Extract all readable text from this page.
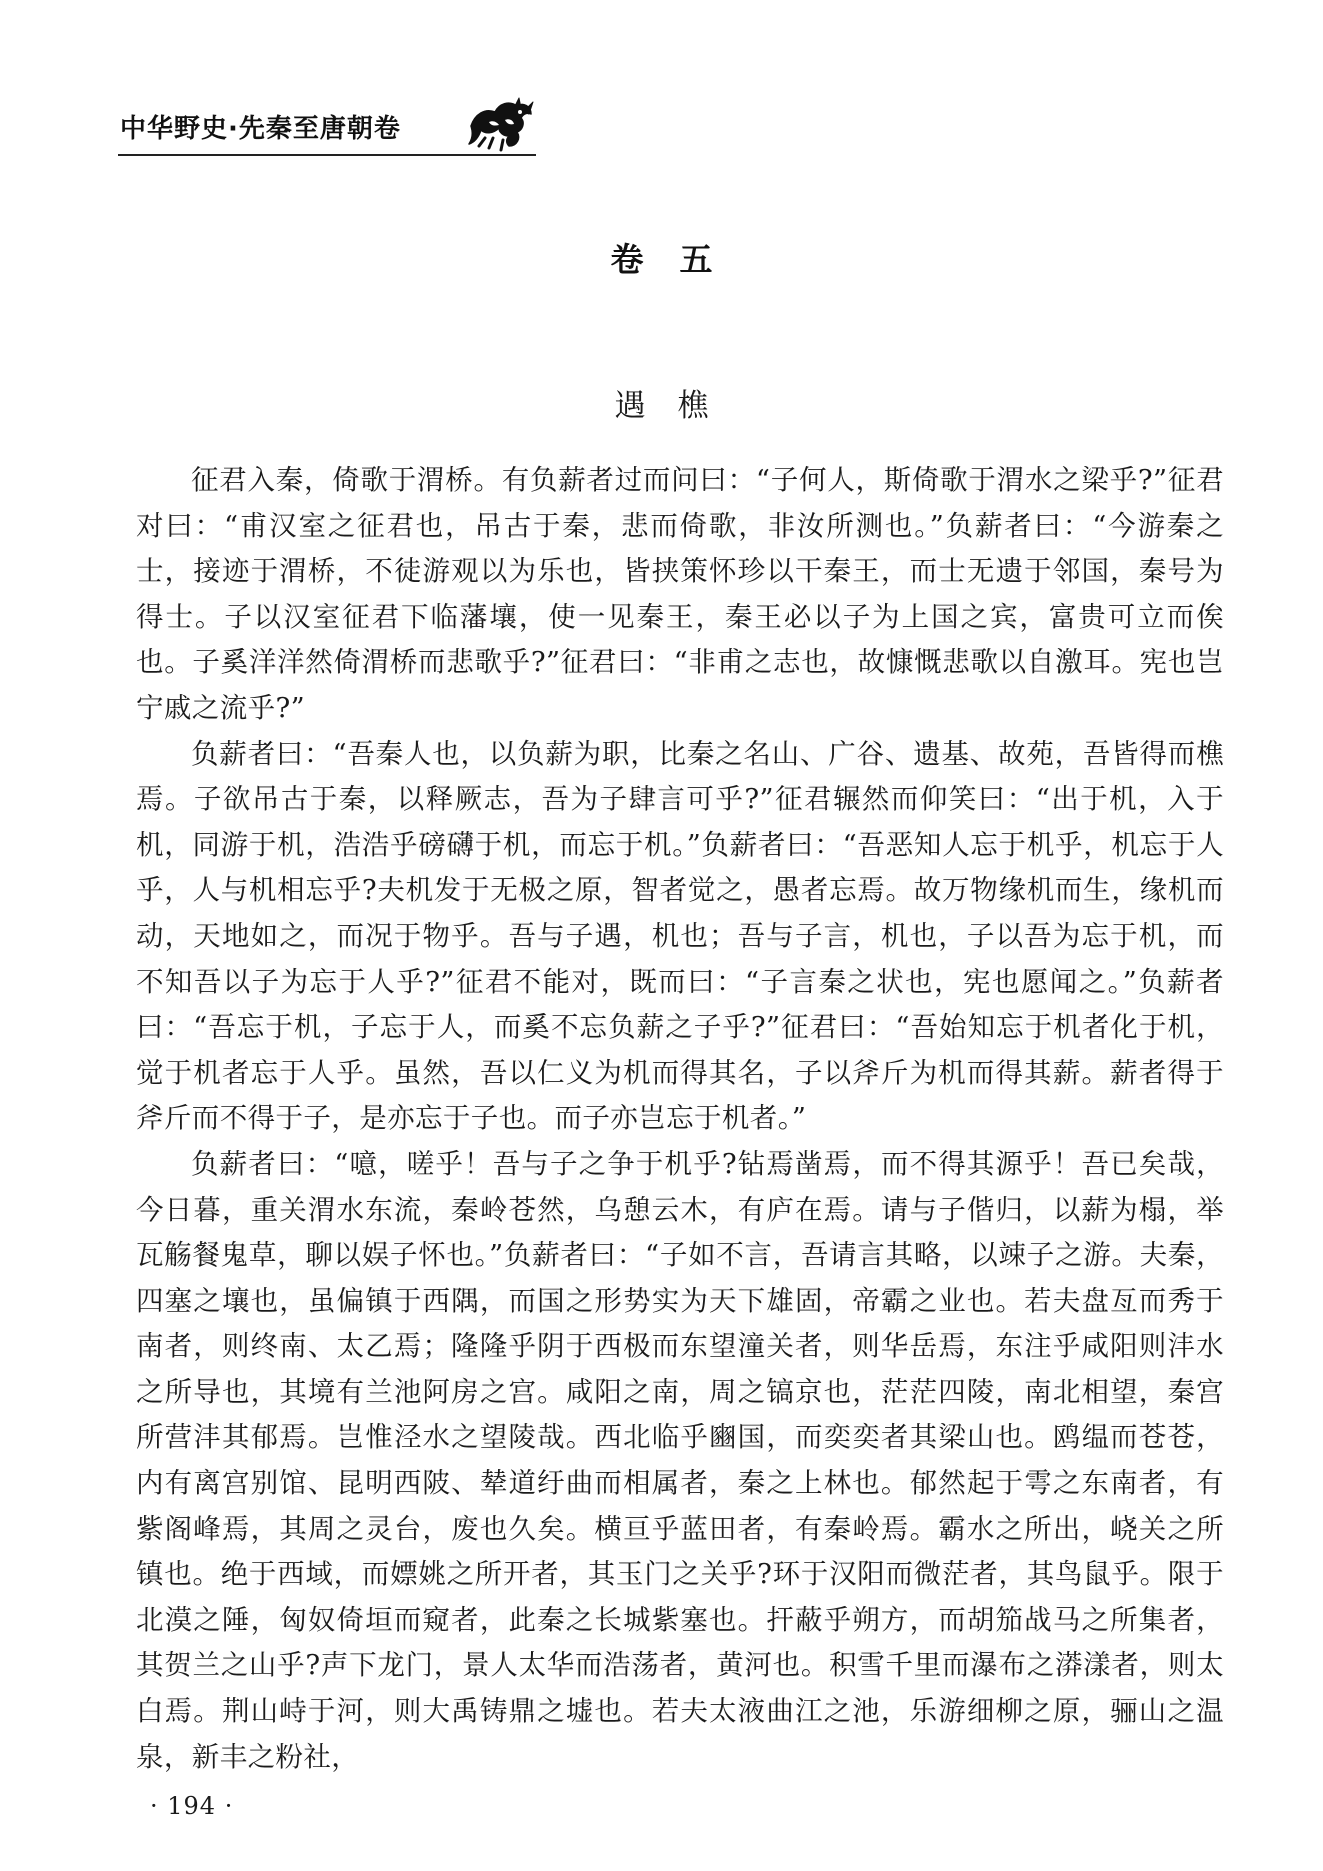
中华野史·先秦至唐朝卷
卷五
遇樵

征君入秦，倚歌于渭桥。有负薪者过而问曰：“子何人，斯倚歌于渭水之梁乎?”征君对曰：“甫汉室之征君也，吊古于秦，悲而倚歌，非汝所测也。”负薪者曰：“今游秦之士，接迹于渭桥，不徒游观以为乐也，皆挟策怀珍以干秦王，而士无遗于邻国，秦号为得士。子以汉室征君下临藩壤，使一见秦王，秦王必以子为上国之宾，富贵可立而俟也。子奚洋洋然倚渭桥而悲歌乎?”征君曰：“非甫之志也，故慷慨悲歌以自激耳。宪也岂宁戚之流乎?”

负薪者曰：“吾秦人也，以负薪为职，比秦之名山、广谷、遗基、故苑，吾皆得而樵焉。子欲吊古于秦，以释厥志，吾为子肆言可乎?”征君辗然而仰笑曰：“出于机，入于机，同游于机，浩浩乎磅礴于机，而忘于机。”负薪者曰：“吾恶知人忘于机乎，机忘于人乎，人与机相忘乎?夫机发于无极之原，智者觉之，愚者忘焉。故万物缘机而生，缘机而动，天地如之，而况于物乎。吾与子遇，机也；吾与子言，机也，子以吾为忘于机，而不知吾以子为忘于人乎?”征君不能对，既而曰：“子言秦之状也，宪也愿闻之。”负薪者曰：“吾忘于机，子忘于人，而奚不忘负薪之子乎?”征君曰：“吾始知忘于机者化于机，觉于机者忘于人乎。虽然，吾以仁义为机而得其名，子以斧斤为机而得其薪。薪者得于斧斤而不得于子，是亦忘于子也。而子亦岂忘于机者。”

负薪者曰：“噫，嗟乎！吾与子之争于机乎?钻焉凿焉，而不得其源乎！吾已矣哉，今日暮，重关渭水东流，秦岭苍然，乌憩云木，有庐在焉。请与子偕归，以薪为榻，举瓦觞餐鬼草，聊以娱子怀也。”负薪者曰：“子如不言，吾请言其略，以竦子之游。夫秦，四塞之壤也，虽偏镇于西隅，而国之形势实为天下雄固，帝霸之业也。若夫盘亙而秀于南者，则终南、太乙焉；隆隆乎阴于西极而东望潼关者，则华岳焉，东注乎咸阳则沣水之所导也，其境有兰池阿房之宫。咸阳之南，周之镐京也，茫茫四陵，南北相望，秦宫所营沣其郁焉。岂惟泾水之望陵哉。西北临乎豳国，而奕奕者其梁山也。鸥缊而苍苍，内有离宫别馆、昆明西陂、辇道纡曲而相属者，秦之上林也。郁然起于雩之东南者，有紫阁峰焉，其周之灵台，废也久矣。横亘乎蓝田者，有秦岭焉。霸水之所出，峣关之所镇也。绝于西域，而嫖姚之所开者，其玉门之关乎?环于汉阳而微茫者，其鸟鼠乎。限于北漠之陲，匈奴倚垣而窥者，此秦之长城紫塞也。扞蔽乎朔方，而胡笳战马之所集者，其贺兰之山乎?声下龙门，景人太华而浩荡者，黄河也。积雪千里而瀑布之漭漾者，则太白焉。荆山峙于河，则大禹铸鼎之墟也。若夫太液曲江之池，乐游细柳之原，骊山之温泉，新丰之粉社，

· 194 ·
